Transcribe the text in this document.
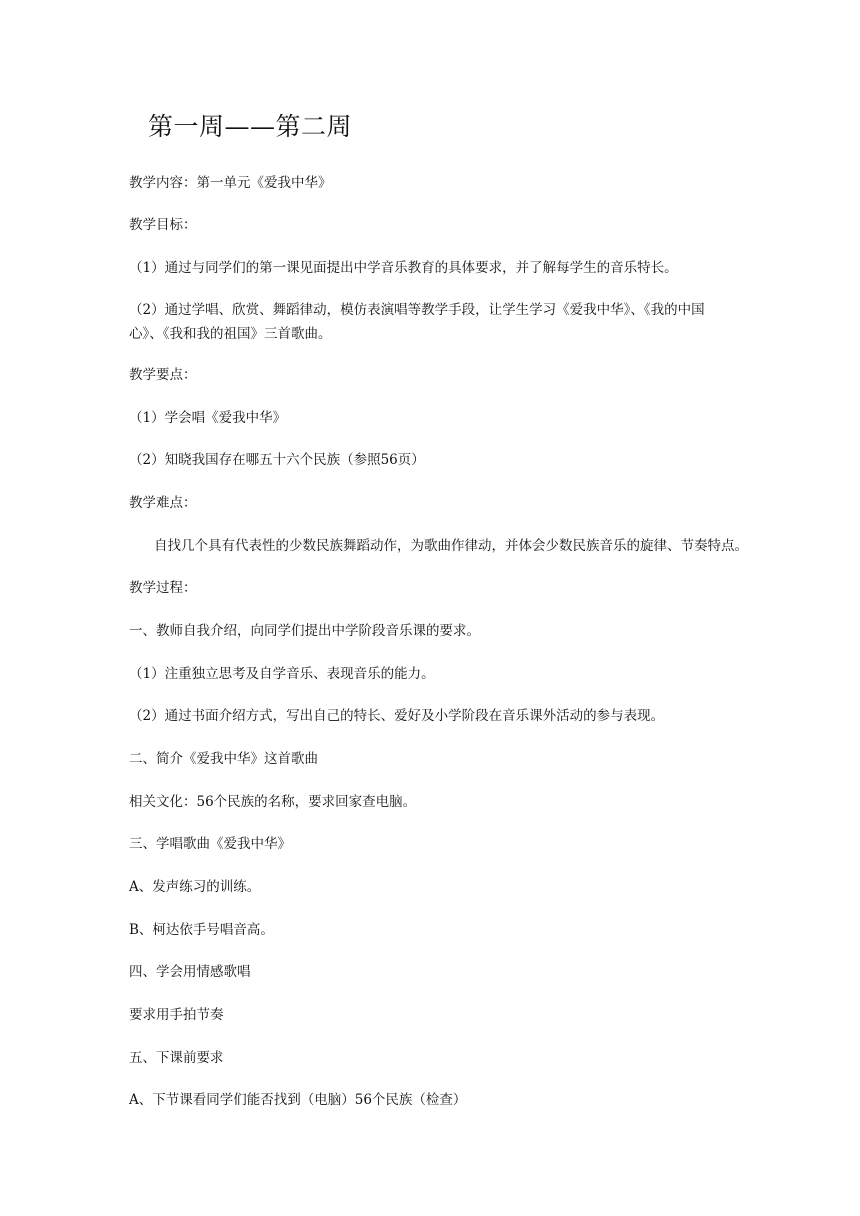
第一周——第二周
教学内容：第一单元《爱我中华》
教学目标：
（1）通过与同学们的第一课见面提出中学音乐教育的具体要求，并了解每学生的音乐特长。
（2）通过学唱、欣赏、舞蹈律动，模仿表演唱等教学手段，让学生学习《爱我中华》、《我的中国心》、《我和我的祖国》三首歌曲。
教学要点：
（1）学会唱《爱我中华》
（2）知晓我国存在哪五十六个民族（参照56页）
教学难点：
自找几个具有代表性的少数民族舞蹈动作，为歌曲作律动，并体会少数民族音乐的旋律、节奏特点。
教学过程：
一、教师自我介绍，向同学们提出中学阶段音乐课的要求。
（1）注重独立思考及自学音乐、表现音乐的能力。
（2）通过书面介绍方式，写出自己的特长、爱好及小学阶段在音乐课外活动的参与表现。
二、简介《爱我中华》这首歌曲
相关文化：56个民族的名称，要求回家查电脑。
三、学唱歌曲《爱我中华》
A、发声练习的训练。
B、柯达依手号唱音高。
四、学会用情感歌唱
要求用手拍节奏
五、下课前要求
A、下节课看同学们能否找到（电脑）56个民族（检查）
